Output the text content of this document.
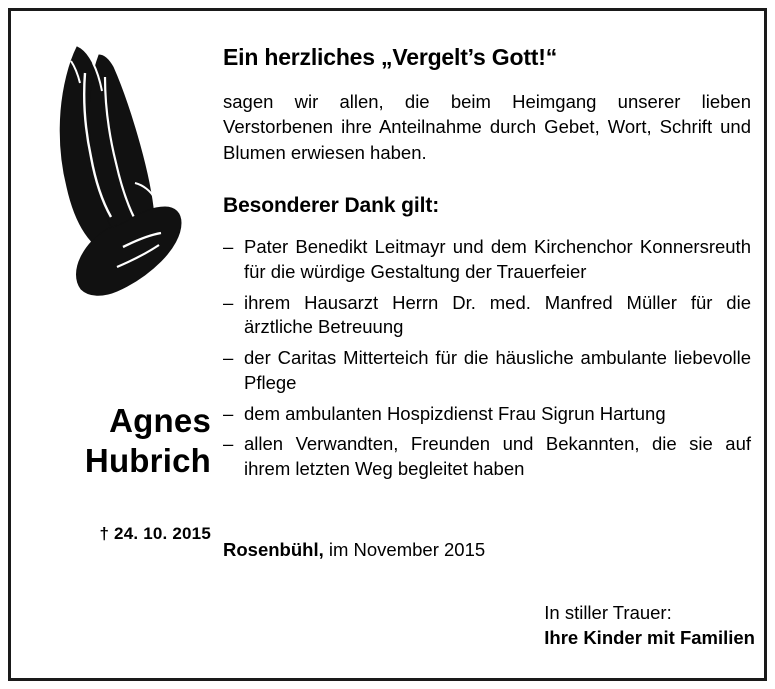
Agnes
Hubrich
† 24. 10. 2015
Ein herzliches „Vergelt’s Gott!“
sagen wir allen, die beim Heimgang unserer lieben Verstorbenen ihre Anteilnahme durch Gebet, Wort, Schrift und Blumen erwiesen haben.
Besonderer Dank gilt:
– Pater Benedikt Leitmayr und dem Kirchenchor Konnersreuth für die würdige Gestaltung der Trauerfeier
– ihrem Hausarzt Herrn Dr. med. Manfred Müller für die ärztliche Betreuung
– der Caritas Mitterteich für die häusliche ambulante liebevolle Pflege
– dem ambulanten Hospizdienst Frau Sigrun Hartung
– allen Verwandten, Freunden und Bekannten, die sie auf ihrem letzten Weg begleitet haben
Rosenbühl, im November 2015
In stiller Trauer:
Ihre Kinder mit Familien
